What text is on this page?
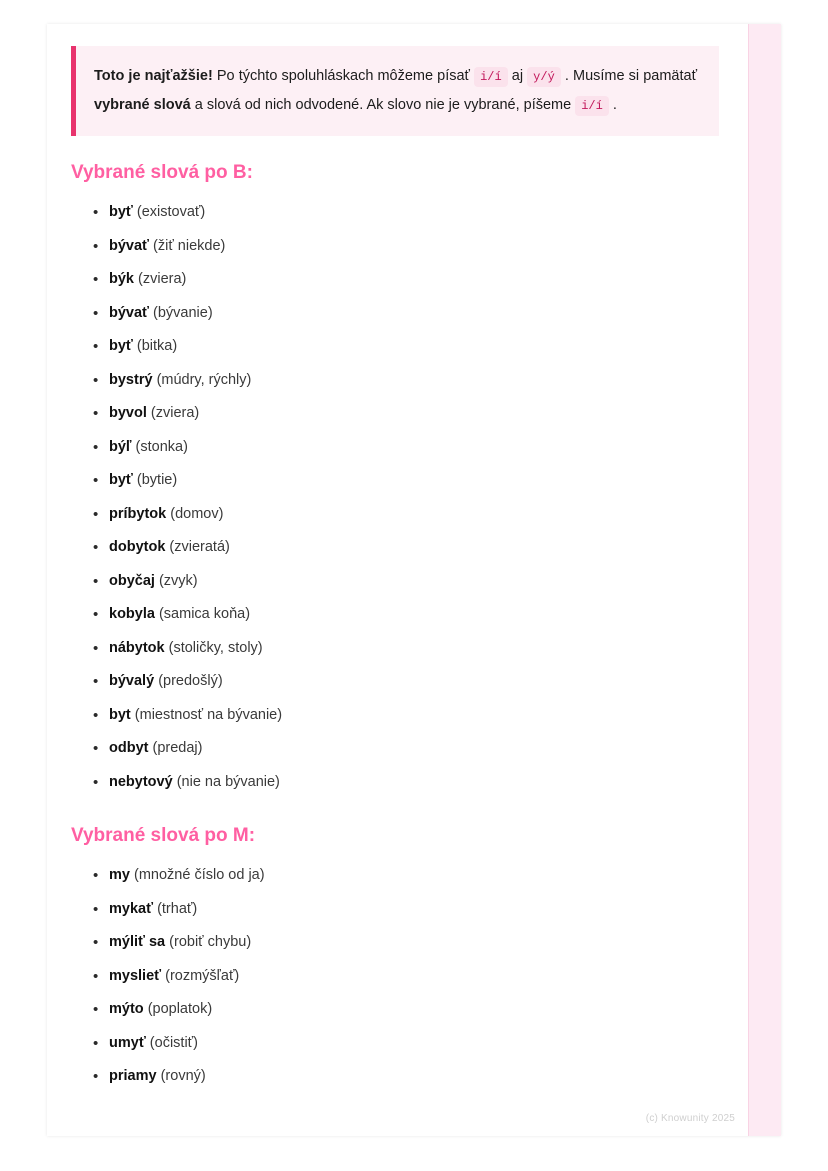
Toto je najťažšie! Po týchto spoluhláskach môžeme písať i/í aj y/ý . Musíme si pamätať vybrané slová a slová od nich odvodené. Ak slovo nie je vybrané, píšeme i/í .

Vybrané slová po B:
• byť (existovať)
• bývať (žiť niekde)
• býk (zviera)
• bývať (bývanie)
• byť (bitka)
• bystrý (múdry, rýchly)
• byvol (zviera)
• býľ (stonka)
• byť (bytie)
• príbytok (domov)
• dobytok (zvieratá)
• obyčaj (zvyk)
• kobyla (samica koňa)
• nábytok (stoličky, stoly)
• bývalý (predošlý)
• byt (miestnosť na bývanie)
• odbyt (predaj)
• nebytový (nie na bývanie)
Vybrané slová po M:
• my (množné číslo od ja)
• mykať (trhať)
• mýliť sa (robiť chybu)
• myslieť (rozmýšľať)
• mýto (poplatok)
• umyť (očistiť)
• priamy (rovný)
(c) Knowunity 2025
